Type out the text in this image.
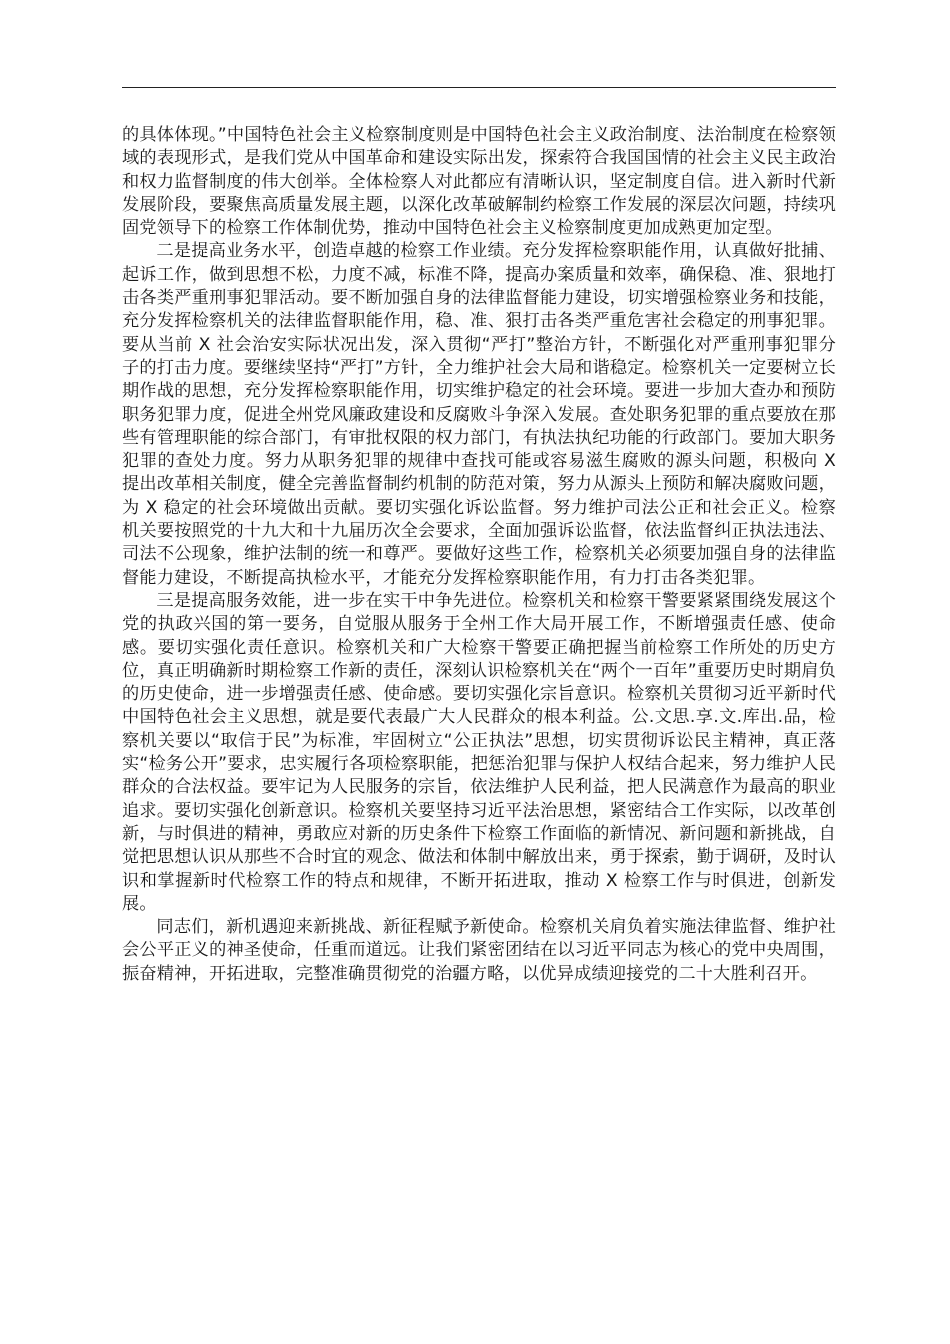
的具体体现。”中国特色社会主义检察制度则是中国特色社会主义政治制度、法治制度在检察领域的表现形式，是我们党从中国革命和建设实际出发，探索符合我国国情的社会主义民主政治和权力监督制度的伟大创举。全体检察人对此都应有清晰认识，坚定制度自信。进入新时代新发展阶段，要聚焦高质量发展主题，以深化改革破解制约检察工作发展的深层次问题，持续巩固党领导下的检察工作体制优势，推动中国特色社会主义检察制度更加成熟更加定型。

二是提高业务水平，创造卓越的检察工作业绩。充分发挥检察职能作用，认真做好批捕、起诉工作，做到思想不松，力度不减，标准不降，提高办案质量和效率，确保稳、准、狠地打击各类严重刑事犯罪活动。要不断加强自身的法律监督能力建设，切实增强检察业务和技能，充分发挥检察机关的法律监督职能作用，稳、准、狠打击各类严重危害社会稳定的刑事犯罪。要从当前 X 社会治安实际状况出发，深入贯彻“严打”整治方针，不断强化对严重刑事犯罪分子的打击力度。要继续坚持“严打”方针，全力维护社会大局和谐稳定。检察机关一定要树立长期作战的思想，充分发挥检察职能作用，切实维护稳定的社会环境。要进一步加大查办和预防职务犯罪力度，促进全州党风廉政建设和反腐败斗争深入发展。查处职务犯罪的重点要放在那些有管理职能的综合部门，有审批权限的权力部门，有执法执纪功能的行政部门。要加大职务犯罪的查处力度。努力从职务犯罪的规律中查找可能或容易滋生腐败的源头问题，积极向 X 提出改革相关制度，健全完善监督制约机制的防范对策，努力从源头上预防和解决腐败问题，为 X 稳定的社会环境做出贡献。要切实强化诉讼监督。努力维护司法公正和社会正义。检察机关要按照党的十九大和十九届历次全会要求，全面加强诉讼监督，依法监督纠正执法违法、司法不公现象，维护法制的统一和尊严。要做好这些工作，检察机关必须要加强自身的法律监督能力建设，不断提高执检水平，才能充分发挥检察职能作用，有力打击各类犯罪。

三是提高服务效能，进一步在实干中争先进位。检察机关和检察干警要紧紧围绕发展这个党的执政兴国的第一要务，自觉服从服务于全州工作大局开展工作，不断增强责任感、使命感。要切实强化责任意识。检察机关和广大检察干警要正确把握当前检察工作所处的历史方位，真正明确新时期检察工作新的责任，深刻认识检察机关在“两个一百年”重要历史时期肩负的历史使命，进一步增强责任感、使命感。要切实强化宗旨意识。检察机关贯彻习近平新时代中国特色社会主义思想，就是要代表最广大人民群众的根本利益。公.文思.享.文.库出.品，检察机关要以“取信于民”为标准，牢固树立“公正执法”思想，切实贯彻诉讼民主精神，真正落实“检务公开”要求，忠实履行各项检察职能，把惩治犯罪与保护人权结合起来，努力维护人民群众的合法权益。要牢记为人民服务的宗旨，依法维护人民利益，把人民满意作为最高的职业追求。要切实强化创新意识。检察机关要坚持习近平法治思想，紧密结合工作实际，以改革创新，与时俱进的精神，勇敢应对新的历史条件下检察工作面临的新情况、新问题和新挑战，自觉把思想认识从那些不合时宜的观念、做法和体制中解放出来，勇于探索，勤于调研，及时认识和掌握新时代检察工作的特点和规律，不断开拓进取，推动 X 检察工作与时俱进，创新发展。

同志们，新机遇迎来新挑战、新征程赋予新使命。检察机关肩负着实施法律监督、维护社会公平正义的神圣使命，任重而道远。让我们紧密团结在以习近平同志为核心的党中央周围，振奋精神，开拓进取，完整准确贯彻党的治疆方略，以优异成绩迎接党的二十大胜利召开。
